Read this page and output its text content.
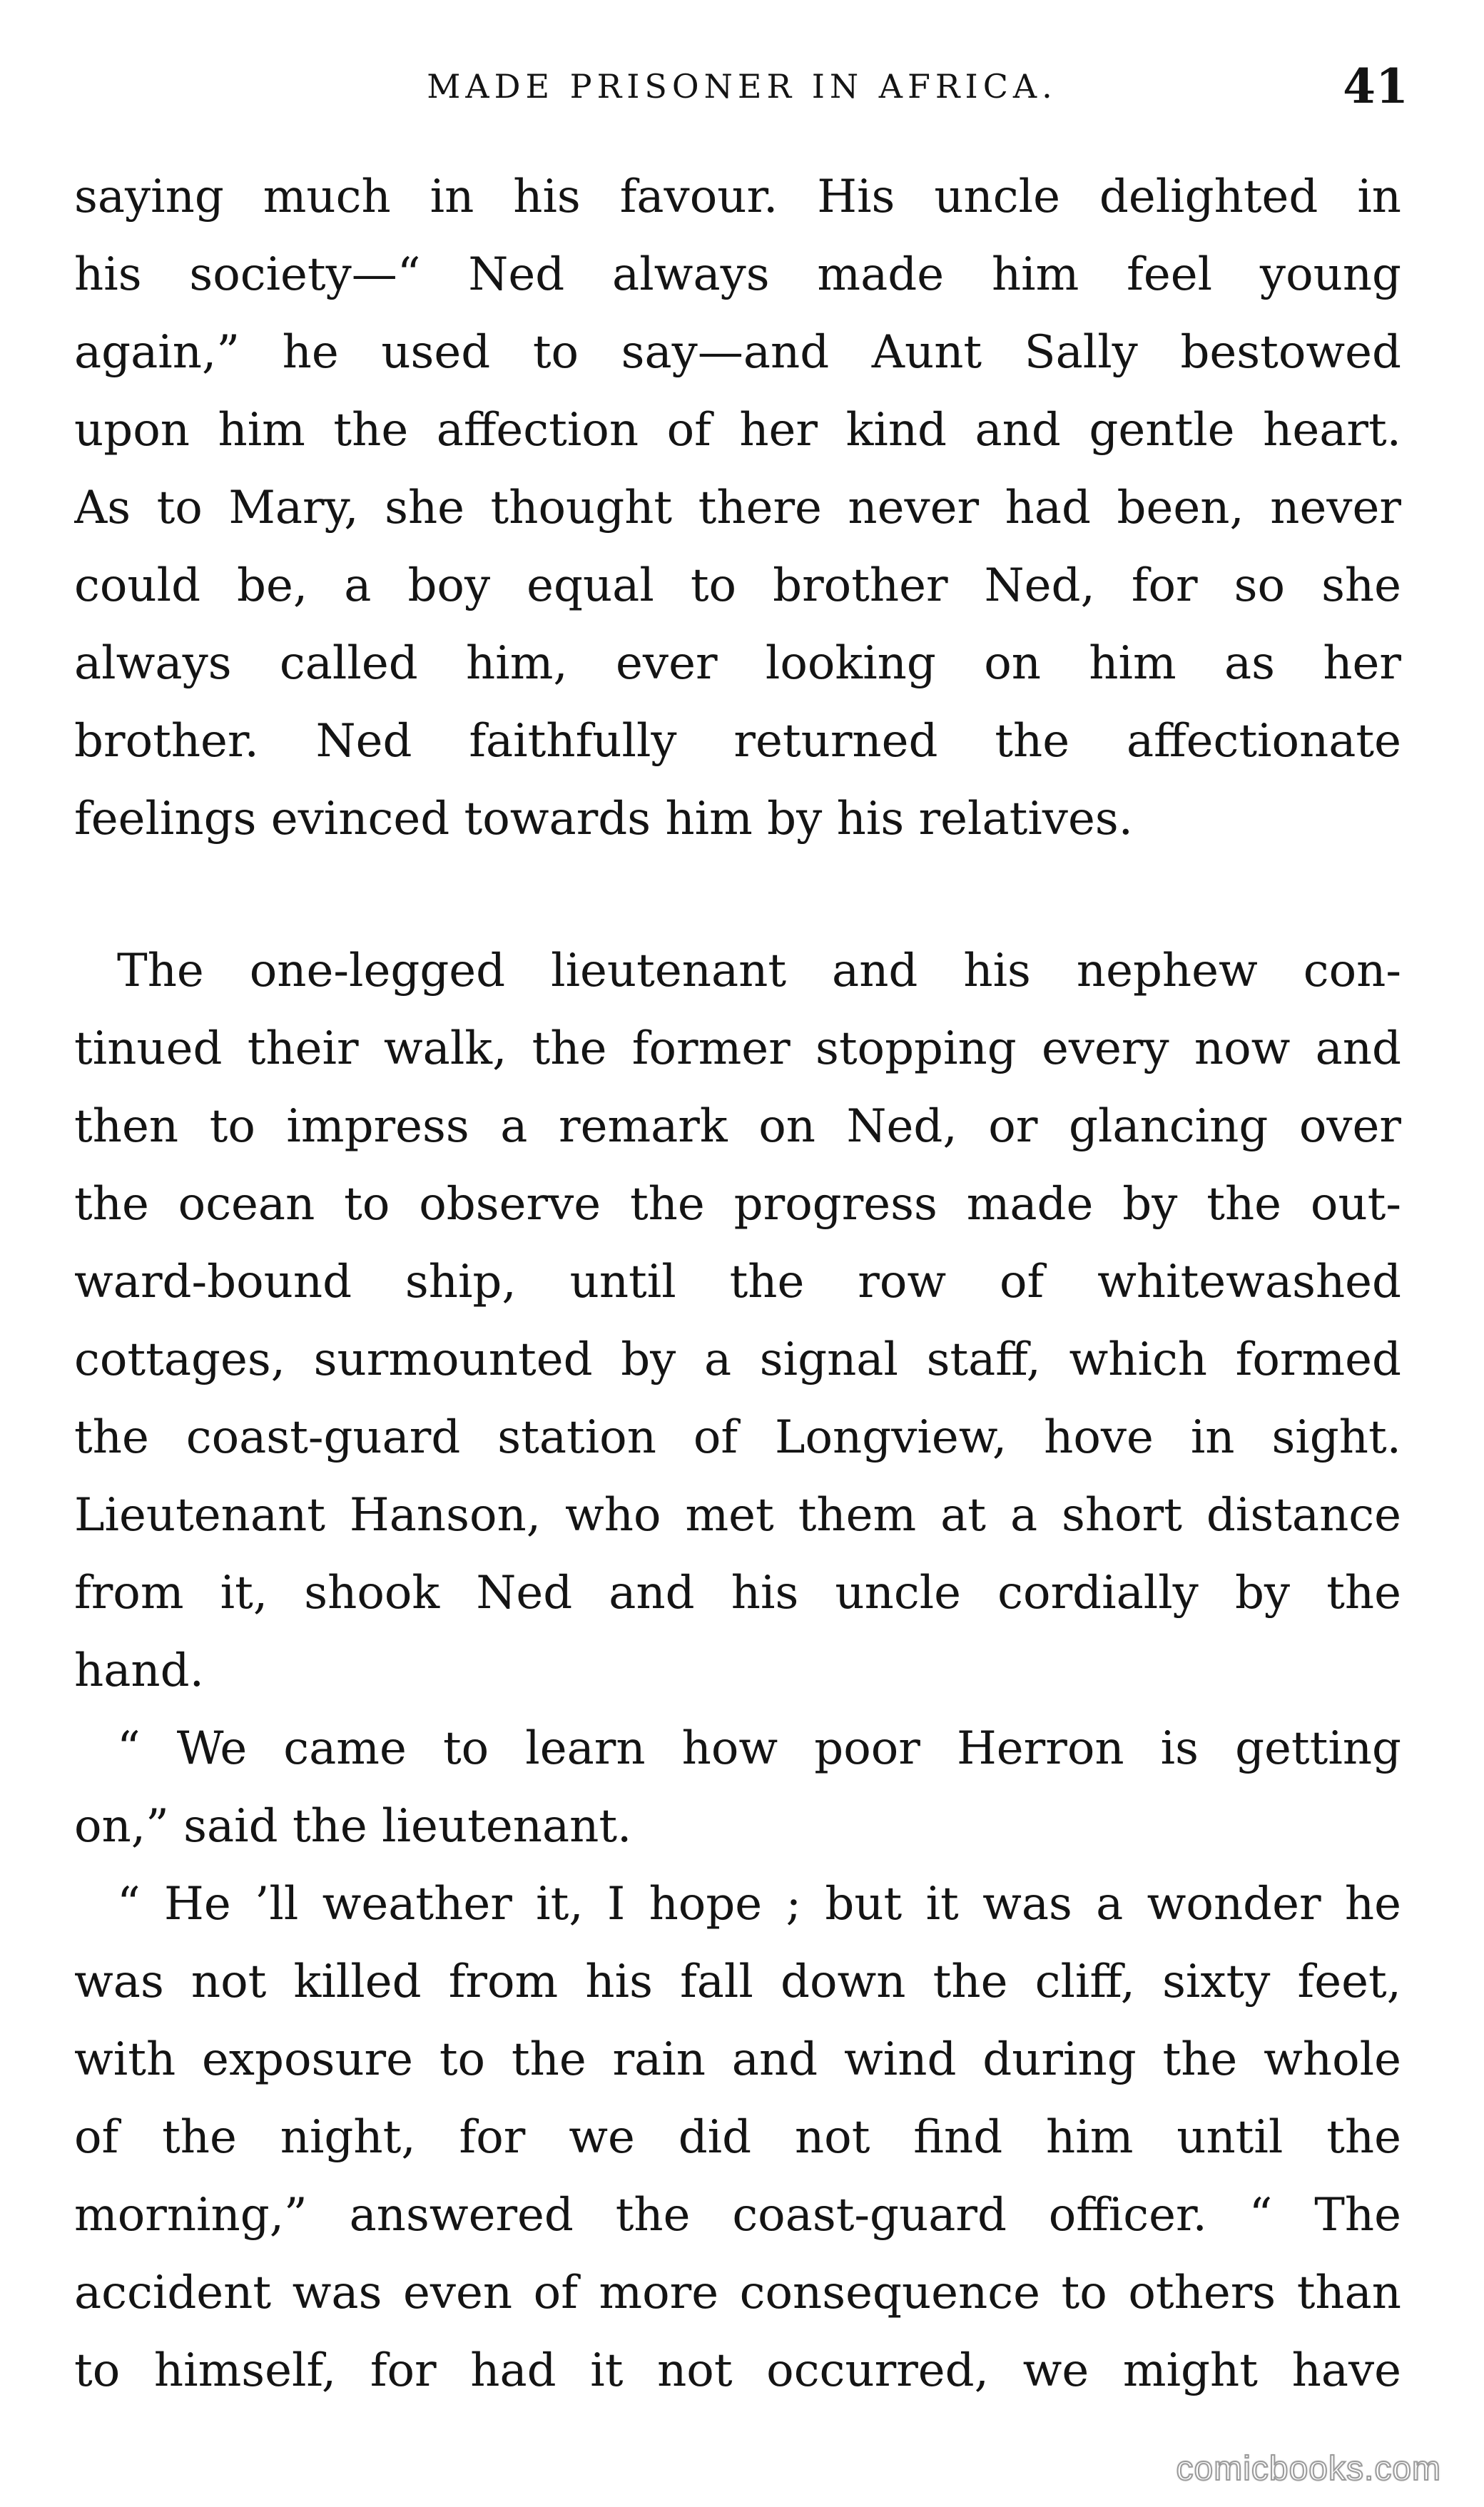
MADE PRISONER IN AFRICA.	41
saying much in his favour. His uncle delighted in
his society—“ Ned always made him feel young
again,” he used to say—and Aunt Sally bestowed
upon him the affection of her kind and gentle heart.
As to Mary, she thought there never had been, never
could be, a boy equal to brother Ned, for so she
always called him, ever looking on him as her
brother. Ned faithfully returned the affectionate
feelings evinced towards him by his relatives.
The one-legged lieutenant and his nephew con-
tinued their walk, the former stopping every now and
then to impress a remark on Ned, or glancing over
the ocean to observe the progress made by the out-
ward-bound ship, until the row of whitewashed
cottages, surmounted by a signal staff, which formed
the coast-guard station of Longview, hove in sight.
Lieutenant Hanson, who met them at a short distance
from it, shook Ned and his uncle cordially by the
hand.
“ We came to learn how poor Herron is getting
on,” said the lieutenant.
“ He ’ll weather it, I hope ; but it was a wonder he
was not killed from his fall down the cliff, sixty feet,
with exposure to the rain and wind during the whole
of the night, for we did not find him until the
morning,” answered the coast-guard officer. “ The
accident was even of more consequence to others than
to himself, for had it not occurred, we might have
comicbooks.com
